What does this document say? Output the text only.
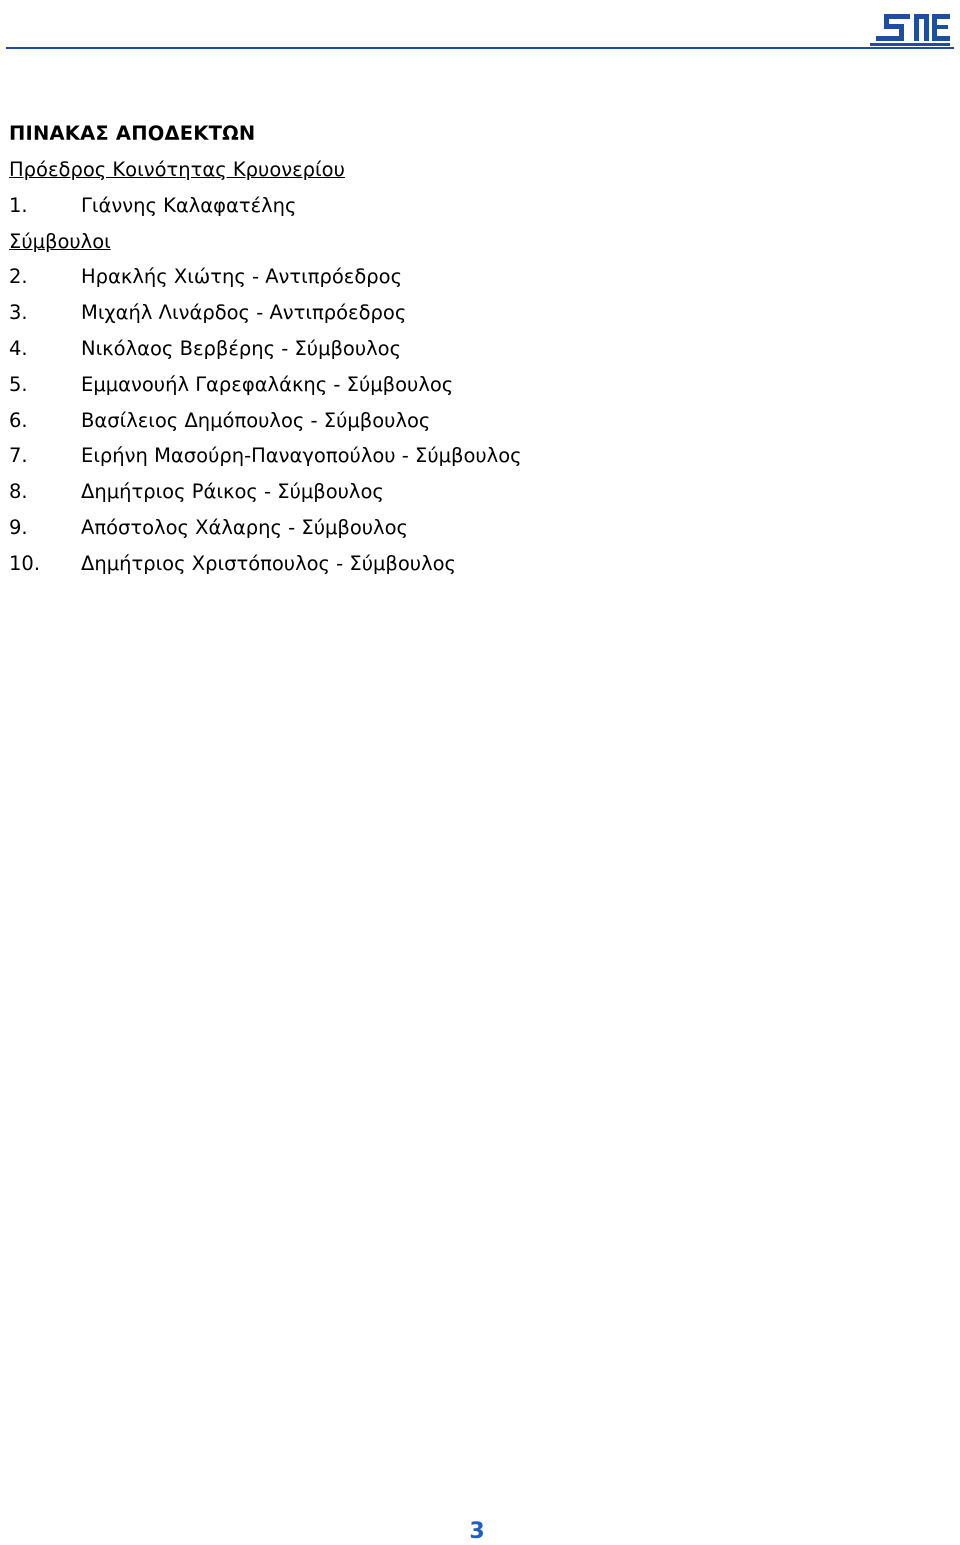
ΠΙΝΑΚΑΣ ΑΠΟΔΕΚΤΩΝ
Πρόεδρος Κοινότητας Κρυονερίου
1.	Γιάννης Καλαφατέλης
Σύμβουλοι
2.	Ηρακλής Χιώτης - Αντιπρόεδρος
3.	Μιχαήλ Λινάρδος - Αντιπρόεδρος
4.	Νικόλαος Βερβέρης - Σύμβουλος
5.	Εμμανουήλ Γαρεφαλάκης - Σύμβουλος
6.	Βασίλειος Δημόπουλος - Σύμβουλος
7.	Ειρήνη Μασούρη-Παναγοπούλου - Σύμβουλος
8.	Δημήτριος Ράικος - Σύμβουλος
9.	Απόστολος Χάλαρης - Σύμβουλος
10. Δημήτριος Χριστόπουλος - Σύμβουλος
3
